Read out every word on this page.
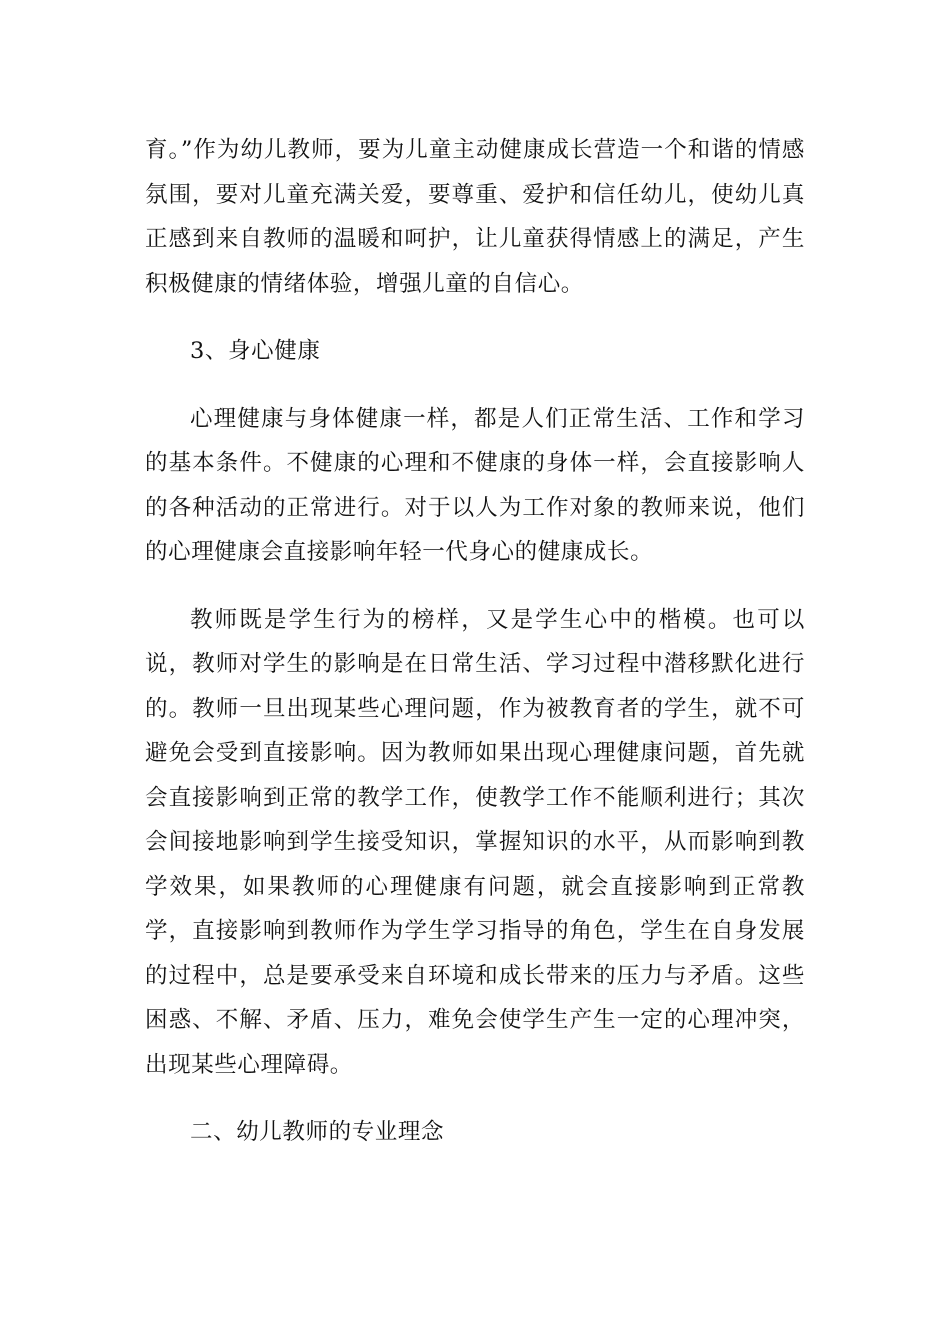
育。”作为幼儿教师，要为儿童主动健康成长营造一个和谐的情感氛围，要对儿童充满关爱，要尊重、爱护和信任幼儿，使幼儿真正感到来自教师的温暖和呵护，让儿童获得情感上的满足，产生积极健康的情绪体验，增强儿童的自信心。

3、身心健康

心理健康与身体健康一样，都是人们正常生活、工作和学习的基本条件。不健康的心理和不健康的身体一样，会直接影响人的各种活动的正常进行。对于以人为工作对象的教师来说，他们的心理健康会直接影响年轻一代身心的健康成长。

教师既是学生行为的榜样，又是学生心中的楷模。也可以说，教师对学生的影响是在日常生活、学习过程中潜移默化进行的。教师一旦出现某些心理问题，作为被教育者的学生，就不可避免会受到直接影响。因为教师如果出现心理健康问题，首先就会直接影响到正常的教学工作，使教学工作不能顺利进行；其次会间接地影响到学生接受知识，掌握知识的水平，从而影响到教学效果，如果教师的心理健康有问题，就会直接影响到正常教学，直接影响到教师作为学生学习指导的角色，学生在自身发展的过程中，总是要承受来自环境和成长带来的压力与矛盾。这些困惑、不解、矛盾、压力，难免会使学生产生一定的心理冲突，出现某些心理障碍。

二、幼儿教师的专业理念
